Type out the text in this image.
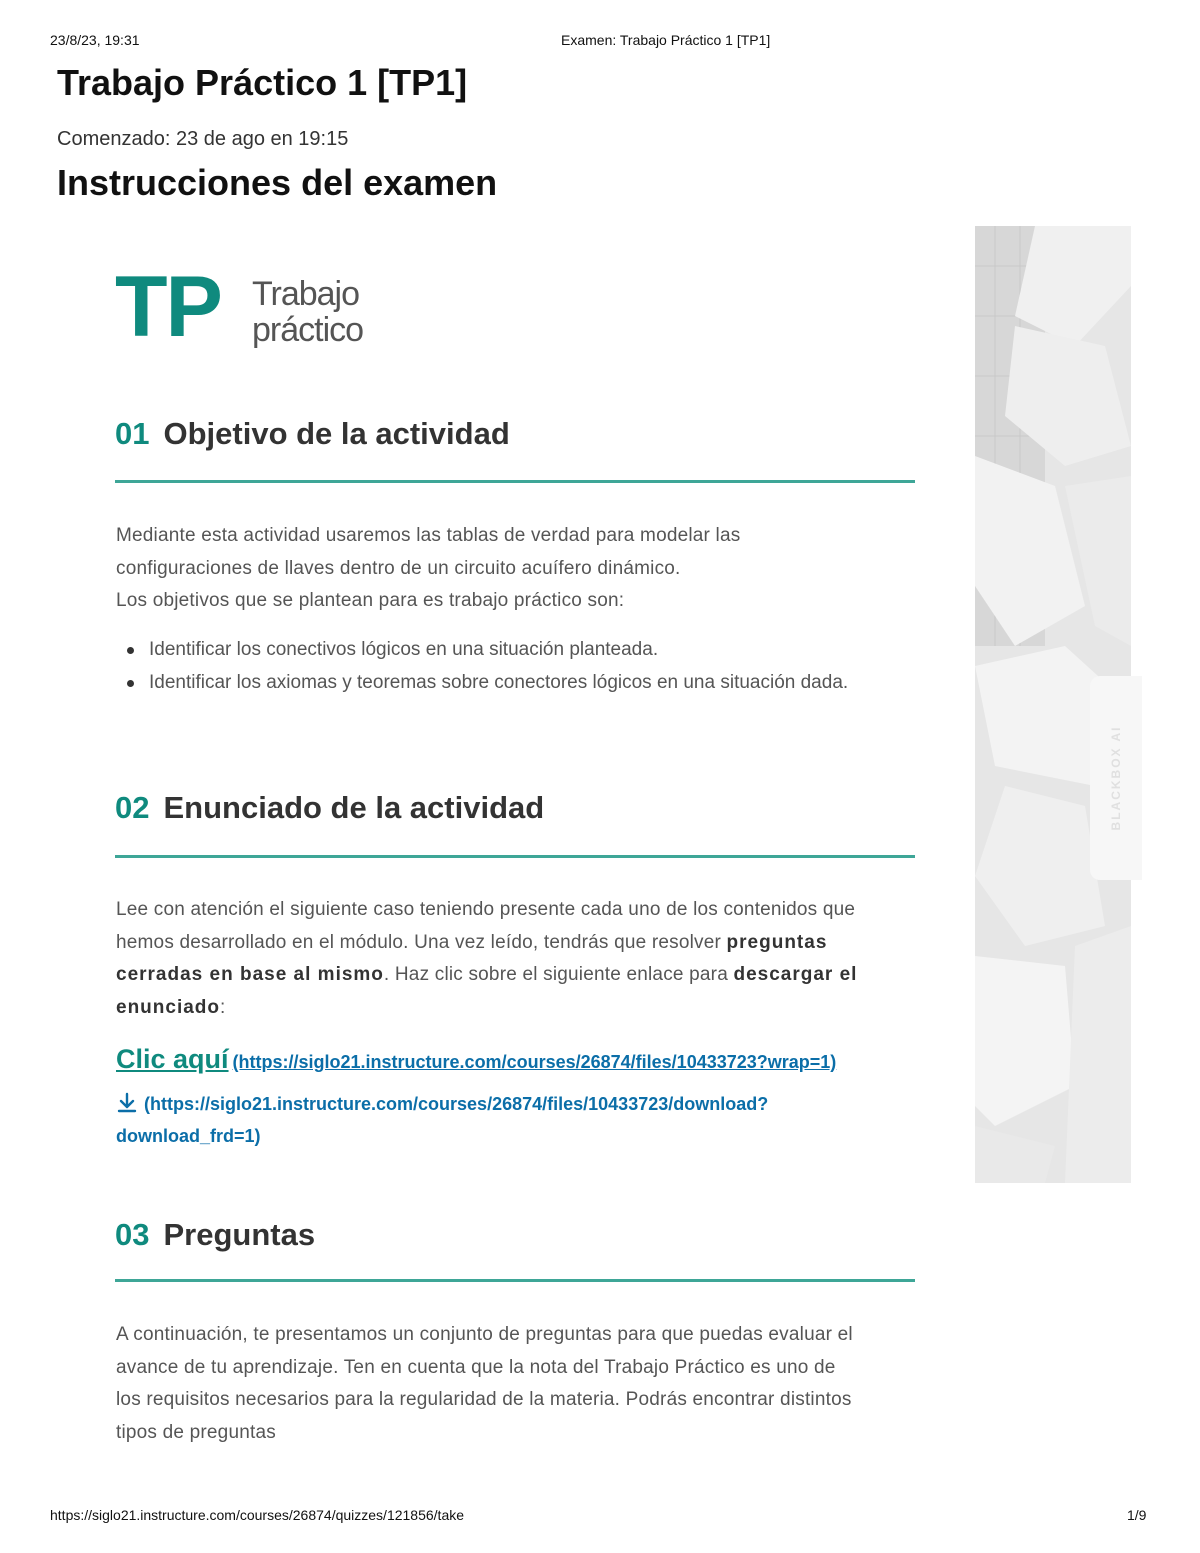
23/8/23, 19:31	Examen: Trabajo Práctico 1 [TP1]
https://siglo21.instructure.com/courses/26874/quizzes/121856/take	1/9
Trabajo Práctico 1 [TP1]
Comenzado: 23 de ago en 19:15
Instrucciones del examen
TP Trabajo
práctico
01 Objetivo de la actividad
Mediante esta actividad usaremos las tablas de verdad para modelar las
configuraciones de llaves dentro de un circuito acuífero dinámico.
Los objetivos que se plantean para es trabajo práctico son:
Identificar los conectivos lógicos en una situación planteada.
Identificar los axiomas y teoremas sobre conectores lógicos en una situación dada.
02 Enunciado de la actividad

Lee con atención el siguiente caso teniendo presente cada uno de los contenidos que hemos desarrollado en el módulo. Una vez leído, tendrás que resolver preguntas cerradas en base al mismo. Haz clic sobre el siguiente enlace para descargar el enunciado:

Clic aquí (https://siglo21.instructure.com/courses/26874/files/10433723?wrap=1)
(https://siglo21.instructure.com/courses/26874/files/10433723/download?download_frd=1)
03 Preguntas

A continuación, te presentamos un conjunto de preguntas para que puedas evaluar el avance de tu aprendizaje. Ten en cuenta que la nota del Trabajo Práctico es uno de los requisitos necesarios para la regularidad de la materia. Podrás encontrar distintos tipos de preguntas

BLACKBOX AI
